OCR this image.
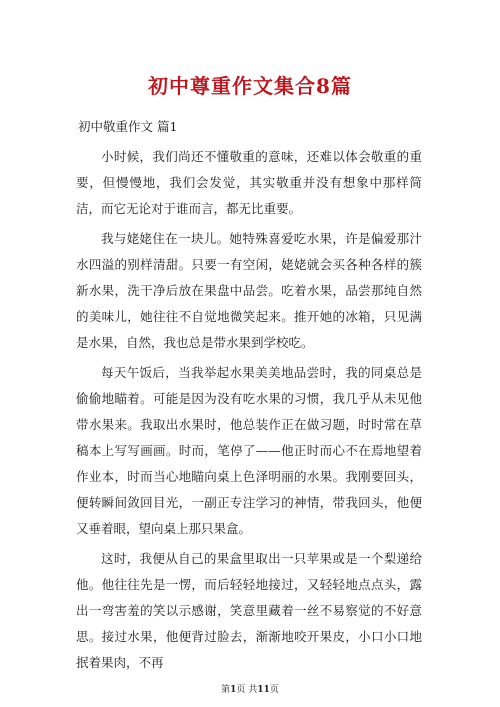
初中尊重作文集合8篇
初中敬重作文 篇1

小时候，我们尚还不懂敬重的意味，还难以体会敬重的重要，但慢慢地，我们会发觉，其实敬重并没有想象中那样简洁，而它无论对于谁而言，都无比重要。

我与姥姥住在一块儿。她特殊喜爱吃水果，许是偏爱那汁水四溢的别样清甜。只要一有空闲，姥姥就会买各种各样的簇新水果，洗干净后放在果盘中品尝。吃着水果，品尝那纯自然的美味儿，她往往不自觉地微笑起来。推开她的冰箱，只见满是水果，自然，我也总是带水果到学校吃。

每天午饭后，当我举起水果美美地品尝时，我的同桌总是偷偷地瞄着。可能是因为没有吃水果的习惯，我几乎从未见他带水果来。我取出水果时，他总装作正在做习题，时时常在草稿本上写写画画。时而，笔停了——他正时而心不在焉地望着作业本，时而当心地瞄向桌上色泽明丽的水果。我刚要回头，便转瞬间敛回目光，一副正专注学习的神情，带我回头，他便又垂着眼，望向桌上那只果盒。

这时，我便从自己的果盒里取出一只苹果或是一个梨递给他。他往往先是一愣，而后轻轻地接过，又轻轻地点点头，露出一弯害羞的笑以示感谢，笑意里藏着一丝不易察觉的不好意思。接过水果，他便背过脸去，渐渐地咬开果皮，小口小口地抿着果肉，不再

第1页 共11页
